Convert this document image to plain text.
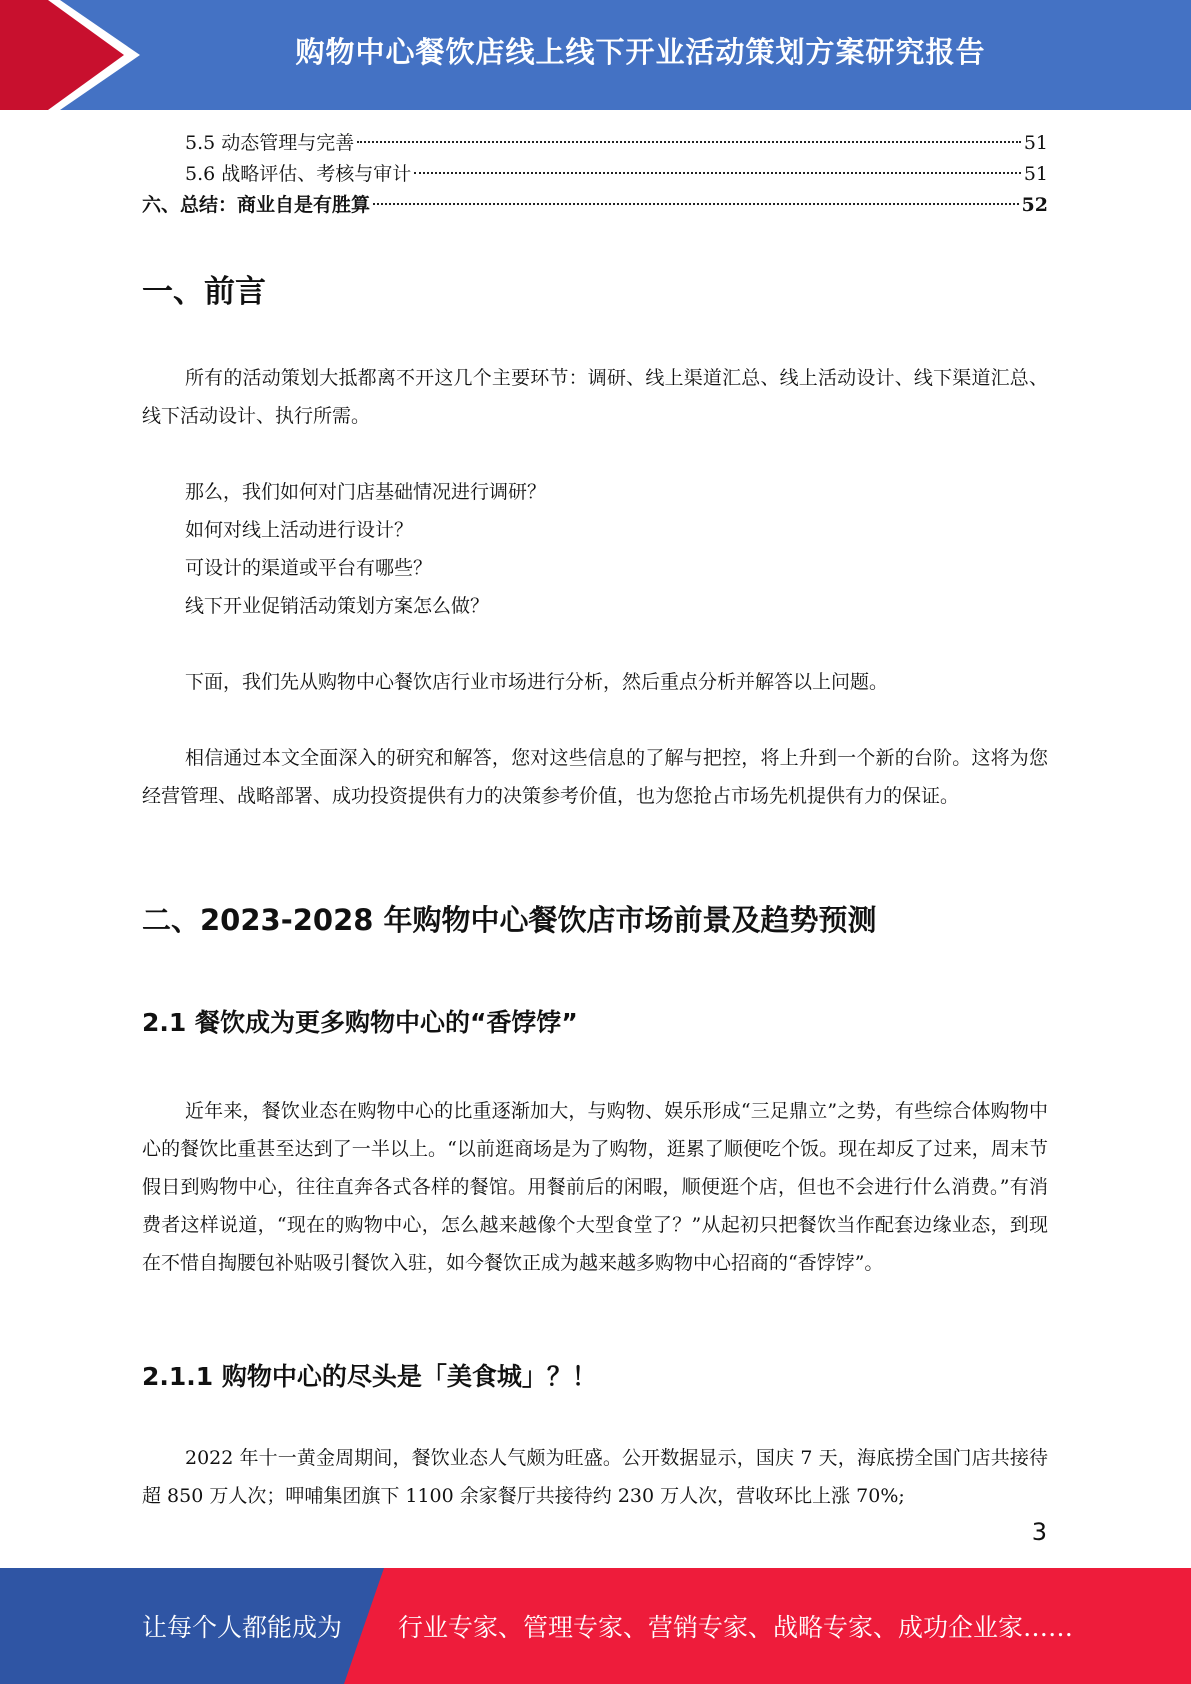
购物中心餐饮店线上线下开业活动策划方案研究报告
5.5 动态管理与完善	51
5.6 战略评估、考核与审计	51
六、总结：商业自是有胜算	52
一、前言

所有的活动策划大抵都离不开这几个主要环节：调研、线上渠道汇总、线上活动设计、线下渠道汇总、线下活动设计、执行所需。

那么，我们如何对门店基础情况进行调研？

如何对线上活动进行设计？

可设计的渠道或平台有哪些？

线下开业促销活动策划方案怎么做？

下面，我们先从购物中心餐饮店行业市场进行分析，然后重点分析并解答以上问题。

相信通过本文全面深入的研究和解答，您对这些信息的了解与把控，将上升到一个新的台阶。这将为您经营管理、战略部署、成功投资提供有力的决策参考价值，也为您抢占市场先机提供有力的保证。

二、2023-2028 年购物中心餐饮店市场前景及趋势预测
2.1 餐饮成为更多购物中心的“香饽饽”

近年来，餐饮业态在购物中心的比重逐渐加大，与购物、娱乐形成“三足鼎立”之势，有些综合体购物中心的餐饮比重甚至达到了一半以上。“以前逛商场是为了购物，逛累了顺便吃个饭。现在却反了过来，周末节假日到购物中心，往往直奔各式各样的餐馆。用餐前后的闲暇，顺便逛个店，但也不会进行什么消费。”有消费者这样说道，“现在的购物中心，怎么越来越像个大型食堂了？”从起初只把餐饮当作配套边缘业态，到现在不惜自掏腰包补贴吸引餐饮入驻，如今餐饮正成为越来越多购物中心招商的“香饽饽”。

2.1.1 购物中心的尽头是「美食城」？！

2022 年十一黄金周期间，餐饮业态人气颇为旺盛。公开数据显示，国庆 7 天，海底捞全国门店共接待超 850 万人次；呷哺集团旗下 1100 余家餐厅共接待约 230 万人次，营收环比上涨 70%;

3
让每个人都能成为 行业专家、管理专家、营销专家、战略专家、成功企业家……
